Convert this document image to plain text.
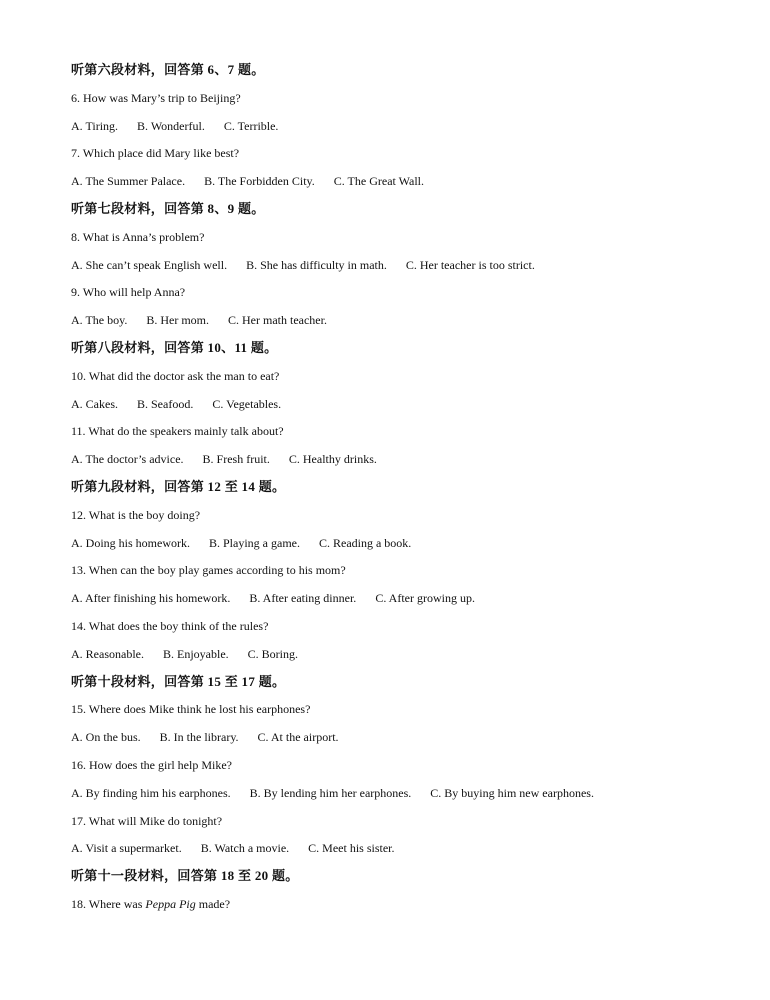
听第六段材料，回答第 6、7 题。
6. How was Mary’s trip to Beijing?
A. Tiring. B. Wonderful. C. Terrible.
7. Which place did Mary like best?
A. The Summer Palace. B. The Forbidden City. C. The Great Wall.
听第七段材料，回答第 8、9 题。
8. What is Anna’s problem?
A. She can’t speak English well. B. She has difficulty in math. C. Her teacher is too strict.
9. Who will help Anna?
A. The boy. B. Her mom. C. Her math teacher.
听第八段材料，回答第 10、11 题。
10. What did the doctor ask the man to eat?
A. Cakes. B. Seafood. C. Vegetables.
11. What do the speakers mainly talk about?
A. The doctor’s advice. B. Fresh fruit. C. Healthy drinks.
听第九段材料，回答第 12 至 14 题。
12. What is the boy doing?
A. Doing his homework. B. Playing a game. C. Reading a book.
13. When can the boy play games according to his mom?
A. After finishing his homework. B. After eating dinner. C. After growing up.
14. What does the boy think of the rules?
A. Reasonable. B. Enjoyable. C. Boring.
听第十段材料，回答第 15 至 17 题。
15. Where does Mike think he lost his earphones?
A. On the bus. B. In the library. C. At the airport.
16. How does the girl help Mike?
A. By finding him his earphones. B. By lending him her earphones. C. By buying him new earphones.
17. What will Mike do tonight?
A. Visit a supermarket. B. Watch a movie. C. Meet his sister.
听第十一段材料，回答第 18 至 20 题。
18. Where was Peppa Pig made?
